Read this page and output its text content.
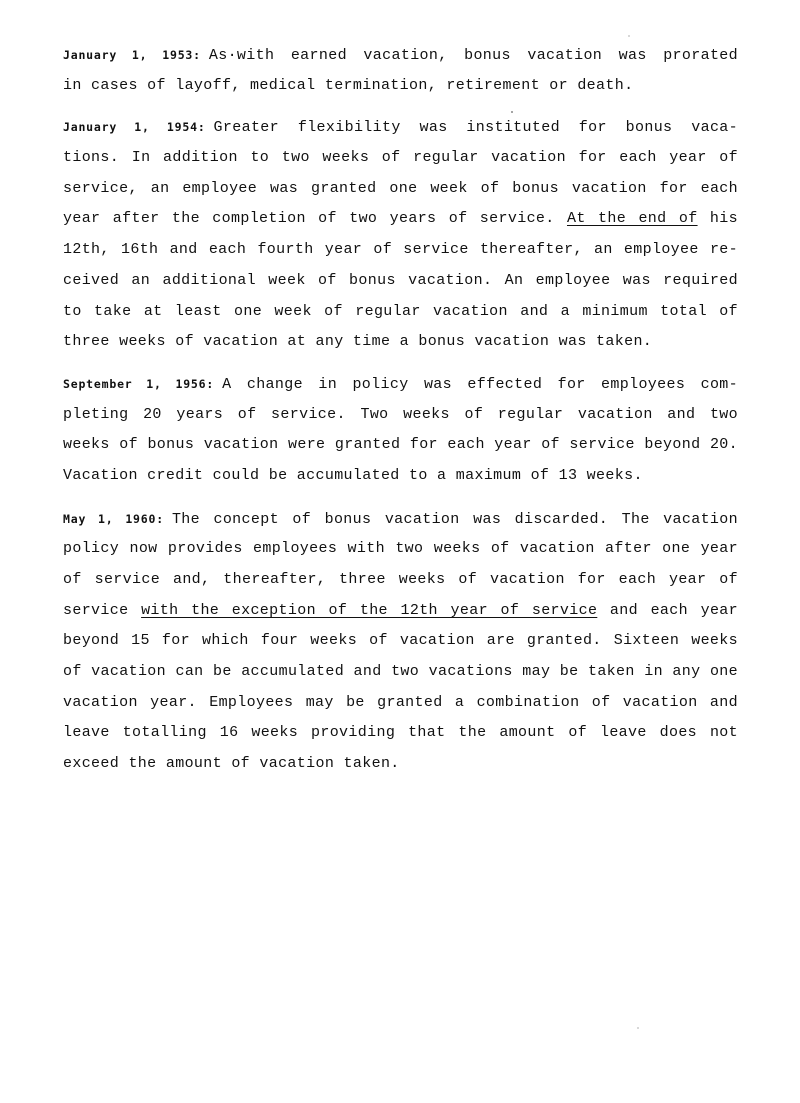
January 1, 1953: As·with earned vacation, bonus vacation was prorated
in cases of layoff, medical termination, retirement or death.
January 1, 1954: Greater flexibility was instituted for bonus vaca-
tions. In addition to two weeks of regular vacation for each year of
service, an employee was granted one week of bonus vacation for each
year after the completion of two years of service. At the end of his
12th, 16th and each fourth year of service thereafter, an employee re-
ceived an additional week of bonus vacation. An employee was required
to take at least one week of regular vacation and a minimum total of
three weeks of vacation at any time a bonus vacation was taken.
September 1, 1956: A change in policy was effected for employees com-
pleting 20 years of service. Two weeks of regular vacation and two
weeks of bonus vacation were granted for each year of service beyond 20.
Vacation credit could be accumulated to a maximum of 13 weeks.
May 1, 1960: The concept of bonus vacation was discarded. The vacation
policy now provides employees with two weeks of vacation after one year
of service and, thereafter, three weeks of vacation for each year of
service with the exception of the 12th year of service and each year
beyond 15 for which four weeks of vacation are granted. Sixteen weeks
of vacation can be accumulated and two vacations may be taken in any one
vacation year. Employees may be granted a combination of vacation and
leave totalling 16 weeks providing that the amount of leave does not
exceed the amount of vacation taken.
